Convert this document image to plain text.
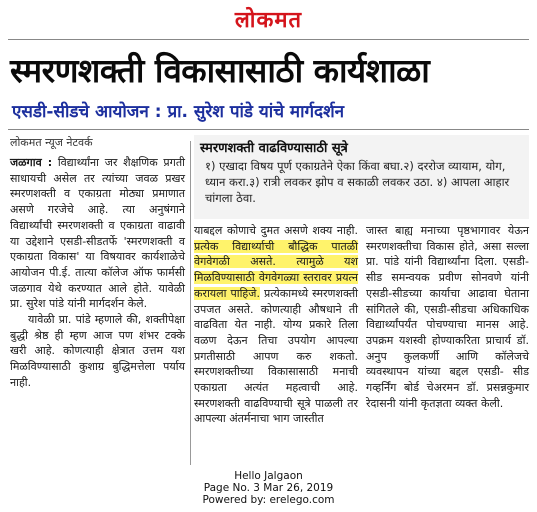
लोकमत
स्मरणशक्ती विकासासाठी कार्यशाळा
एसडी-सीडचे आयोजन : प्रा. सुरेश पांडे यांचे मार्गदर्शन
लोकमत न्यूज नेटवर्क	स्मरणशक्ती वाढविण्यासाठी सूत्रे
१) एखादा विषय पूर्ण एकाग्रतेने ऐका किंवा बघा.२) दररोज व्यायाम, योग, ध्यान करा.३) रात्री लवकर झोप व सकाळी लवकर उठा. ४) आपला आहार चांगला ठेवा.

जळगाव : विद्यार्थ्यांना जर शैक्षणिक प्रगती साधायची असेल तर त्यांच्या जवळ प्रखर स्मरणशक्ती व एकाग्रता मोठ्या प्रमाणात असणे गरजेचे आहे. त्या अनुषंगाने विद्यार्थ्यांची स्मरणशक्ती व एकाग्रता वाढावी या उद्देशाने एसडी-सीडतर्फे 'स्मरणशक्ती व एकाग्रता विकास' या विषयावर कार्यशाळेचे आयोजन पी.ई. तात्या कॉलेज ऑफ फार्मसी जळगाव येथे करण्यात आले होते. यावेळी प्रा. सुरेश पांडे यांनी मार्गदर्शन केले.

यावेळी प्रा. पांडे म्हणाले की, शक्तीपेक्षा बुद्धी श्रेष्ठ ही म्हण आज पण शंभर टक्के खरी आहे. कोणत्याही क्षेत्रात उत्तम यश मिळविण्यासाठी कुशाग्र बुद्धिमत्तेला पर्याय नाही.

याबद्दल कोणाचे दुमत असणे शक्य नाही. प्रत्येक विद्यार्थ्याची बौद्धिक पातळी वेगवेगळी असते. त्यामुळे यश मिळविण्यासाठी वेगवेगळ्या स्तरावर प्रयत्न करायला पाहिजे. प्रत्येकामध्ये स्मरणशक्ती उपजत असते. कोणत्याही औषधाने ती वाढविता येत नाही. योग्य प्रकारे तिला वळण देऊन तिचा उपयोग आपल्या प्रगतीसाठी आपण करु शकतो. स्मरणशक्तीच्या विकासासाठी मनाची एकाग्रता अत्यंत महत्वाची आहे. स्मरणशक्ती वाढविण्याची सूत्रे पाळली तर आपल्या अंतर्मनाचा भाग जास्तीत

जास्त बाह्य मनाच्या पृष्ठभागावर येऊन स्मरणशक्तीचा विकास होते, असा सल्ला प्रा. पांडे यांनी विद्यार्थ्यांना दिला. एसडी-सीड समन्वयक प्रवीण सोनवणे यांनी एसडी-सीडच्या कार्याचा आढावा घेताना सांगितले की, एसडी-सीडचा अधिकाधिक विद्यार्थ्यांपर्यंत पोचण्याचा मानस आहे. उपक्रम यशस्वी होण्याकरिता प्राचार्य डॉ. अनुप कुलकर्णी आणि कॉलेजचे व्यवस्थापन यांच्या बद्दल एसडी- सीड गव्हर्निंग बोर्ड चेअरमन डॉ. प्रसन्नकुमार रेदासनी यांनी कृतज्ञता व्यक्त केली.

Hello Jalgaon
Page No. 3 Mar 26, 2019
Powered by: erelego.com
